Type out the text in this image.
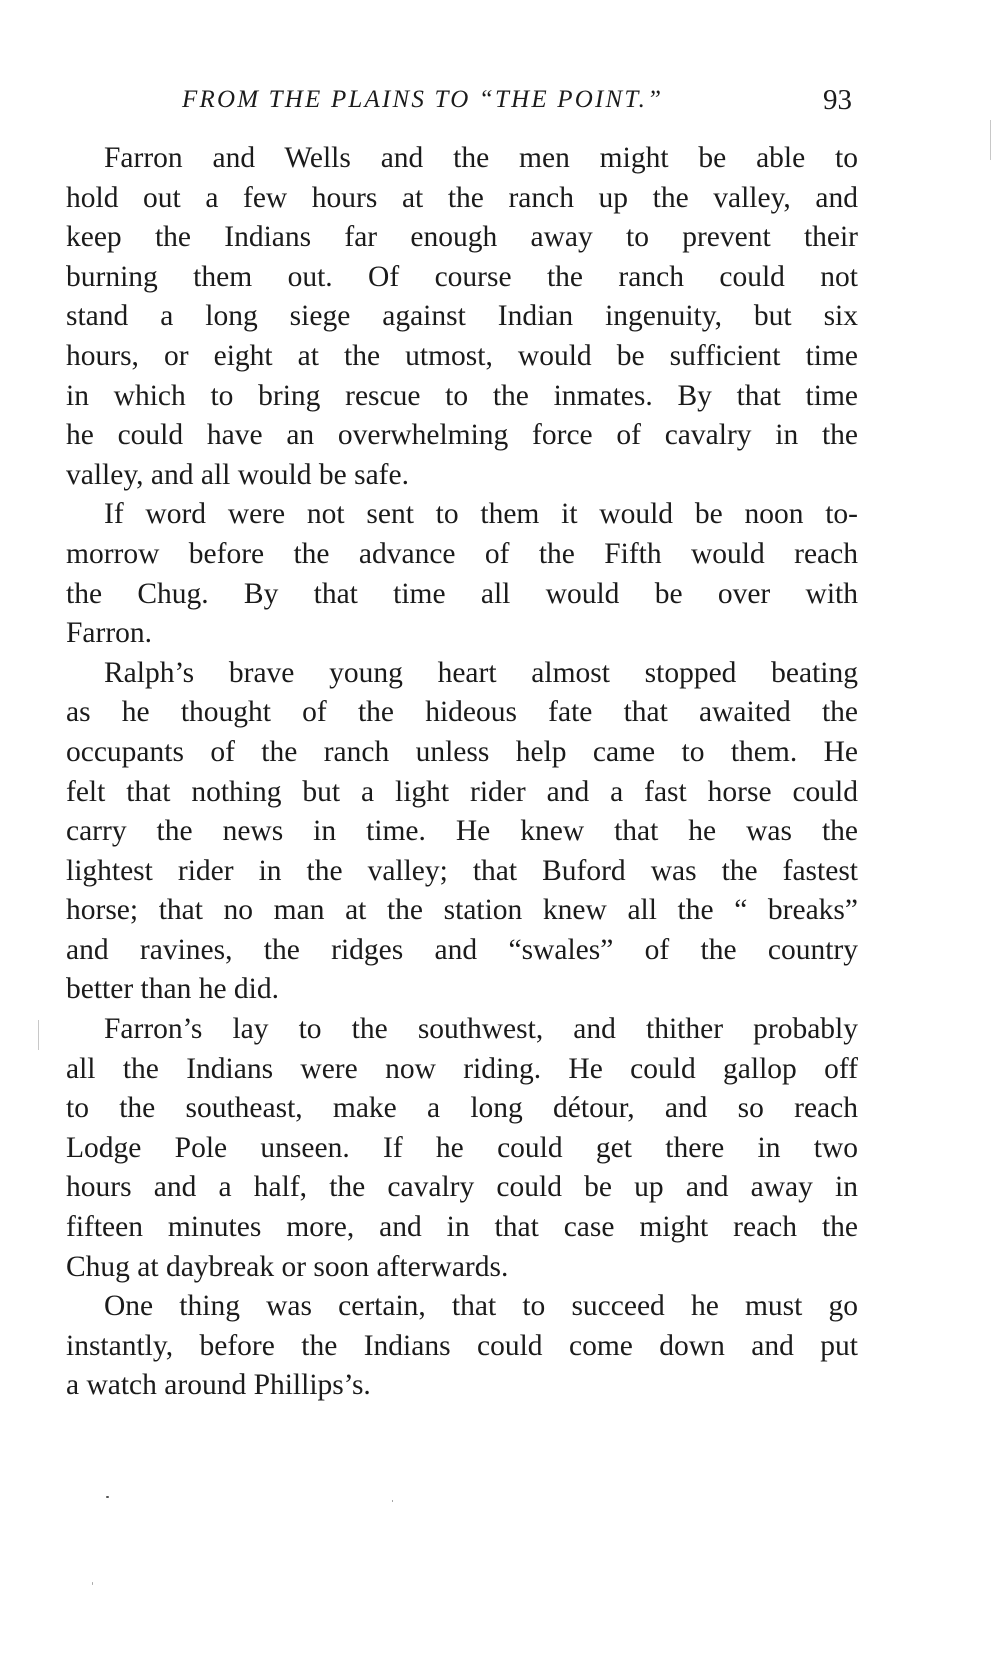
FROM THE PLAINS TO “THE POINT.”	93

Farron and Wells and the men might be able to
hold out a few hours at the ranch up the valley, and
keep the Indians far enough away to prevent their
burning them out. Of course the ranch could not
stand a long siege against Indian ingenuity, but six
hours, or eight at the utmost, would be sufficient time
in which to bring rescue to the inmates. By that time
he could have an overwhelming force of cavalry in the
valley, and all would be safe.

If word were not sent to them it would be noon to-
morrow before the advance of the Fifth would reach
the Chug. By that time all would be over with
Farron.

Ralph’s brave young heart almost stopped beating
as he thought of the hideous fate that awaited the
occupants of the ranch unless help came to them. He
felt that nothing but a light rider and a fast horse could
carry the news in time. He knew that he was the
lightest rider in the valley; that Buford was the fastest
horse; that no man at the station knew all the “ breaks”
and ravines, the ridges and “swales” of the country
better than he did.

Farron’s lay to the southwest, and thither probably
all the Indians were now riding. He could gallop off
to the southeast, make a long détour, and so reach
Lodge Pole unseen. If he could get there in two
hours and a half, the cavalry could be up and away in
fifteen minutes more, and in that case might reach the
Chug at daybreak or soon afterwards.

One thing was certain, that to succeed he must go
instantly, before the Indians could come down and put
a watch around Phillips’s.
